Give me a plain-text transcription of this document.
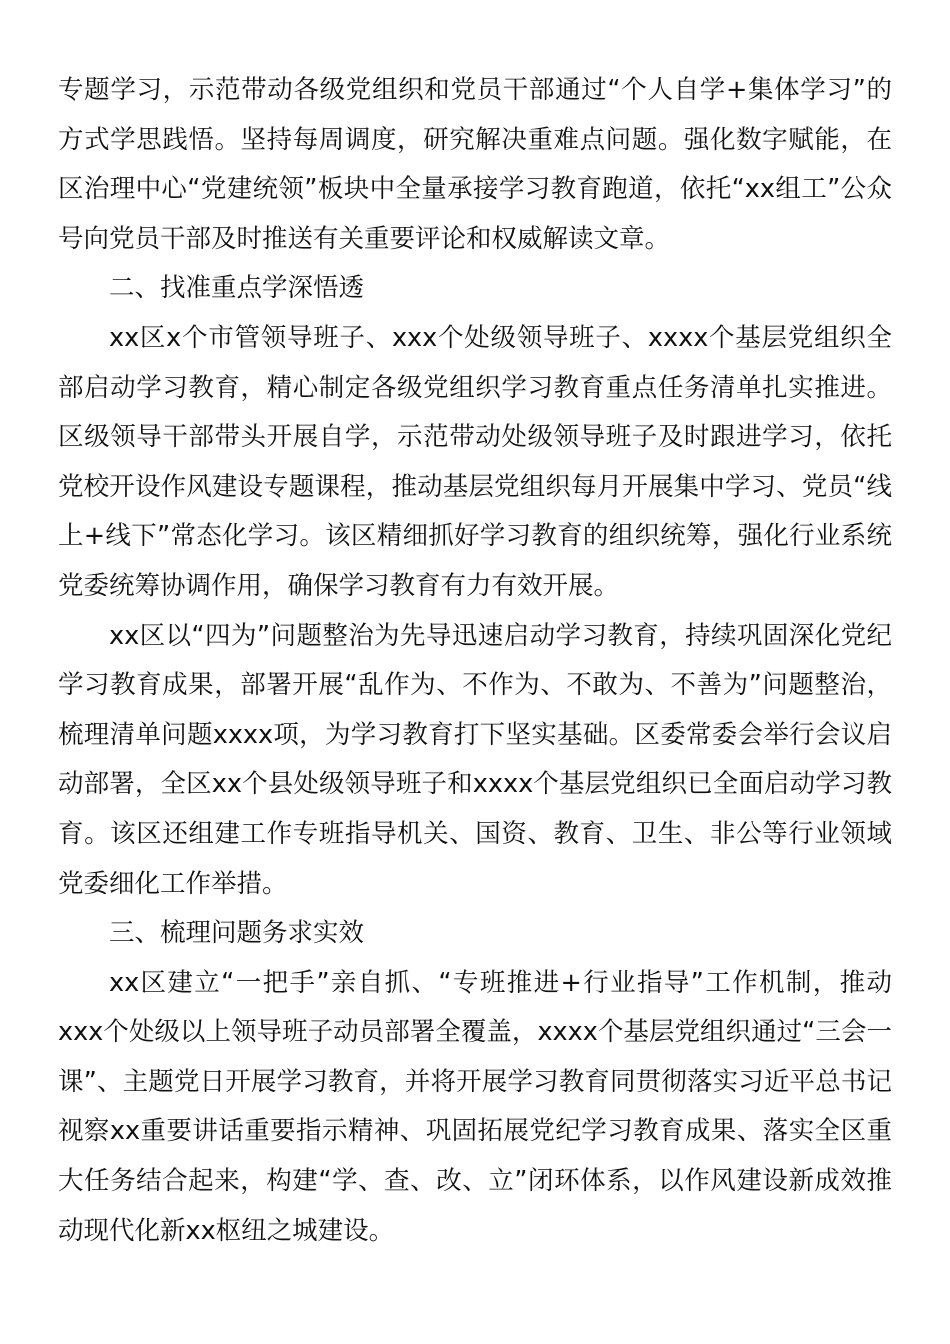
专题学习，示范带动各级党组织和党员干部通过“个人自学+集体学习”的方式学思践悟。坚持每周调度，研究解决重难点问题。强化数字赋能，在区治理中心“党建统领”板块中全量承接学习教育跑道，依托“xx组工”公众号向党员干部及时推送有关重要评论和权威解读文章。

二、找准重点学深悟透

xx区x个市管领导班子、xxx个处级领导班子、xxxx个基层党组织全部启动学习教育，精心制定各级党组织学习教育重点任务清单扎实推进。区级领导干部带头开展自学，示范带动处级领导班子及时跟进学习，依托党校开设作风建设专题课程，推动基层党组织每月开展集中学习、党员“线上+线下”常态化学习。该区精细抓好学习教育的组织统筹，强化行业系统党委统筹协调作用，确保学习教育有力有效开展。

xx区以“四为”问题整治为先导迅速启动学习教育，持续巩固深化党纪学习教育成果，部署开展“乱作为、不作为、不敢为、不善为”问题整治，梳理清单问题xxxx项，为学习教育打下坚实基础。区委常委会举行会议启动部署，全区xx个县处级领导班子和xxxx个基层党组织已全面启动学习教育。该区还组建工作专班指导机关、国资、教育、卫生、非公等行业领域党委细化工作举措。

三、梳理问题务求实效

xx区建立“一把手”亲自抓、“专班推进+行业指导”工作机制，推动xxx个处级以上领导班子动员部署全覆盖，xxxx个基层党组织通过“三会一课”、主题党日开展学习教育，并将开展学习教育同贯彻落实习近平总书记视察xx重要讲话重要指示精神、巩固拓展党纪学习教育成果、落实全区重大任务结合起来，构建“学、查、改、立”闭环体系，以作风建设新成效推动现代化新xx枢纽之城建设。
